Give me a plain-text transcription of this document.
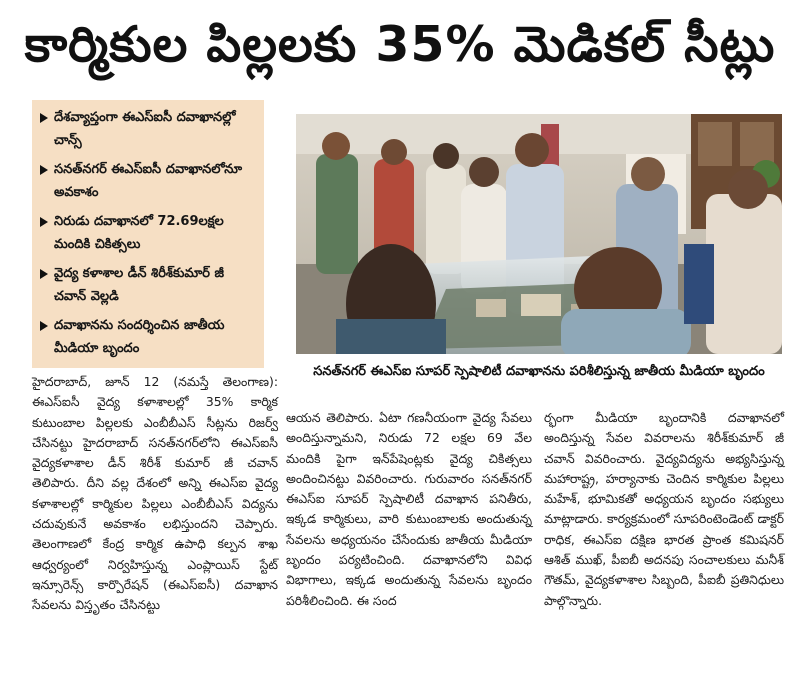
కార్మికుల పిల్లలకు 35% మెడికల్ సీట్లు
దేశవ్యాప్తంగా ఈఎస్ఐసీ దవాఖానల్లో చాన్స్
సనత్‌నగర్ ఈఎస్ఐసీ దవాఖానలోనూ అవకాశం
నిరుడు దవాఖానలో 72.69లక్షల మందికి చికిత్సలు
వైద్య కళాశాల డీన్ శిరీశ్‌కుమార్ జీ చవాన్ వెల్లడి
దవాఖానను సందర్శించిన జాతీయ మీడియా బృందం
సనత్‌నగర్ ఈఎస్ఐ సూపర్ స్పెషాలిటీ దవాఖానను పరిశీలిస్తున్న జాతీయ మీడియా బృందం

హైదరాబాద్, జూన్ 12 (నమస్తే తెలంగాణ): ఈఎస్ఐసీ వైద్య కళాశాలల్లో 35% కార్మిక కుటుంబాల పిల్లలకు ఎంబీబీఎస్ సీట్లను రిజర్వ్ చేసినట్టు హైదరాబాద్ సనత్‌నగర్‌లోని ఈఎస్ఐసీ వైద్యకళాశాల డీన్ శిరీశ్ కుమార్ జీ చవాన్ తెలిపారు. దీని వల్ల దేశంలో అన్ని ఈఎస్ఐ వైద్య కళాశాలల్లో కార్మికుల పిల్లలు ఎంబీబీఎస్ విద్యను చదువుకునే అవకాశం లభిస్తుందని చెప్పారు. తెలంగాణలో కేంద్ర కార్మిక ఉపాధి కల్పన శాఖ ఆధ్వర్యంలో నిర్వహిస్తున్న ఎంప్లాయిస్ స్టేట్ ఇన్సూరెన్స్ కార్పొరేషన్ (ఈఎస్ఐసీ) దవాఖాన సేవలను విస్తృతం చేసినట్టు

ఆయన తెలిపారు. ఏటా గణనీయంగా వైద్య సేవలు అందిస్తున్నామని, నిరుడు 72 లక్షల 69 వేల మందికి పైగా ఇన్‌పేషెంట్లకు వైద్య చికిత్సలు అందించినట్టు వివరించారు. గురువారం సనత్‌నగర్ ఈఎస్ఐ సూపర్ స్పెషాలిటీ దవాఖాన పనితీరు, ఇక్కడ కార్మికులు, వారి కుటుంబాలకు అందుతున్న సేవలను అధ్యయనం చేసేందుకు జాతీయ మీడియా బృందం పర్యటించింది. దవాఖానలోని వివిధ విభాగాలు, ఇక్కడ అందుతున్న సేవలను బృందం పరిశీలించింది. ఈ సంద

ర్భంగా మీడియా బృందానికి దవాఖానలో అందిస్తున్న సేవల వివరాలను శిరీశ్‌కుమార్ జీ చవాన్ వివరించారు. వైద్యవిద్యను అభ్యసిస్తున్న మహారాష్ట్ర, హర్యానాకు చెందిన కార్మికుల పిల్లలు మహేశ్, భూమికతో అధ్యయన బృందం సభ్యులు మాట్లాడారు. కార్యక్రమంలో సూపరింటెండెంట్ డాక్టర్ రాధిక, ఈఎస్ఐ దక్షిణ భారత ప్రాంత కమిషనర్ ఆశిత్ ముఖ్, పీఐబీ అదనపు సంచాలకులు మనీశ్ గౌతమ్, వైద్యకళాశాల సిబ్బంది, పీఐబీ ప్రతినిధులు పాల్గొన్నారు.
